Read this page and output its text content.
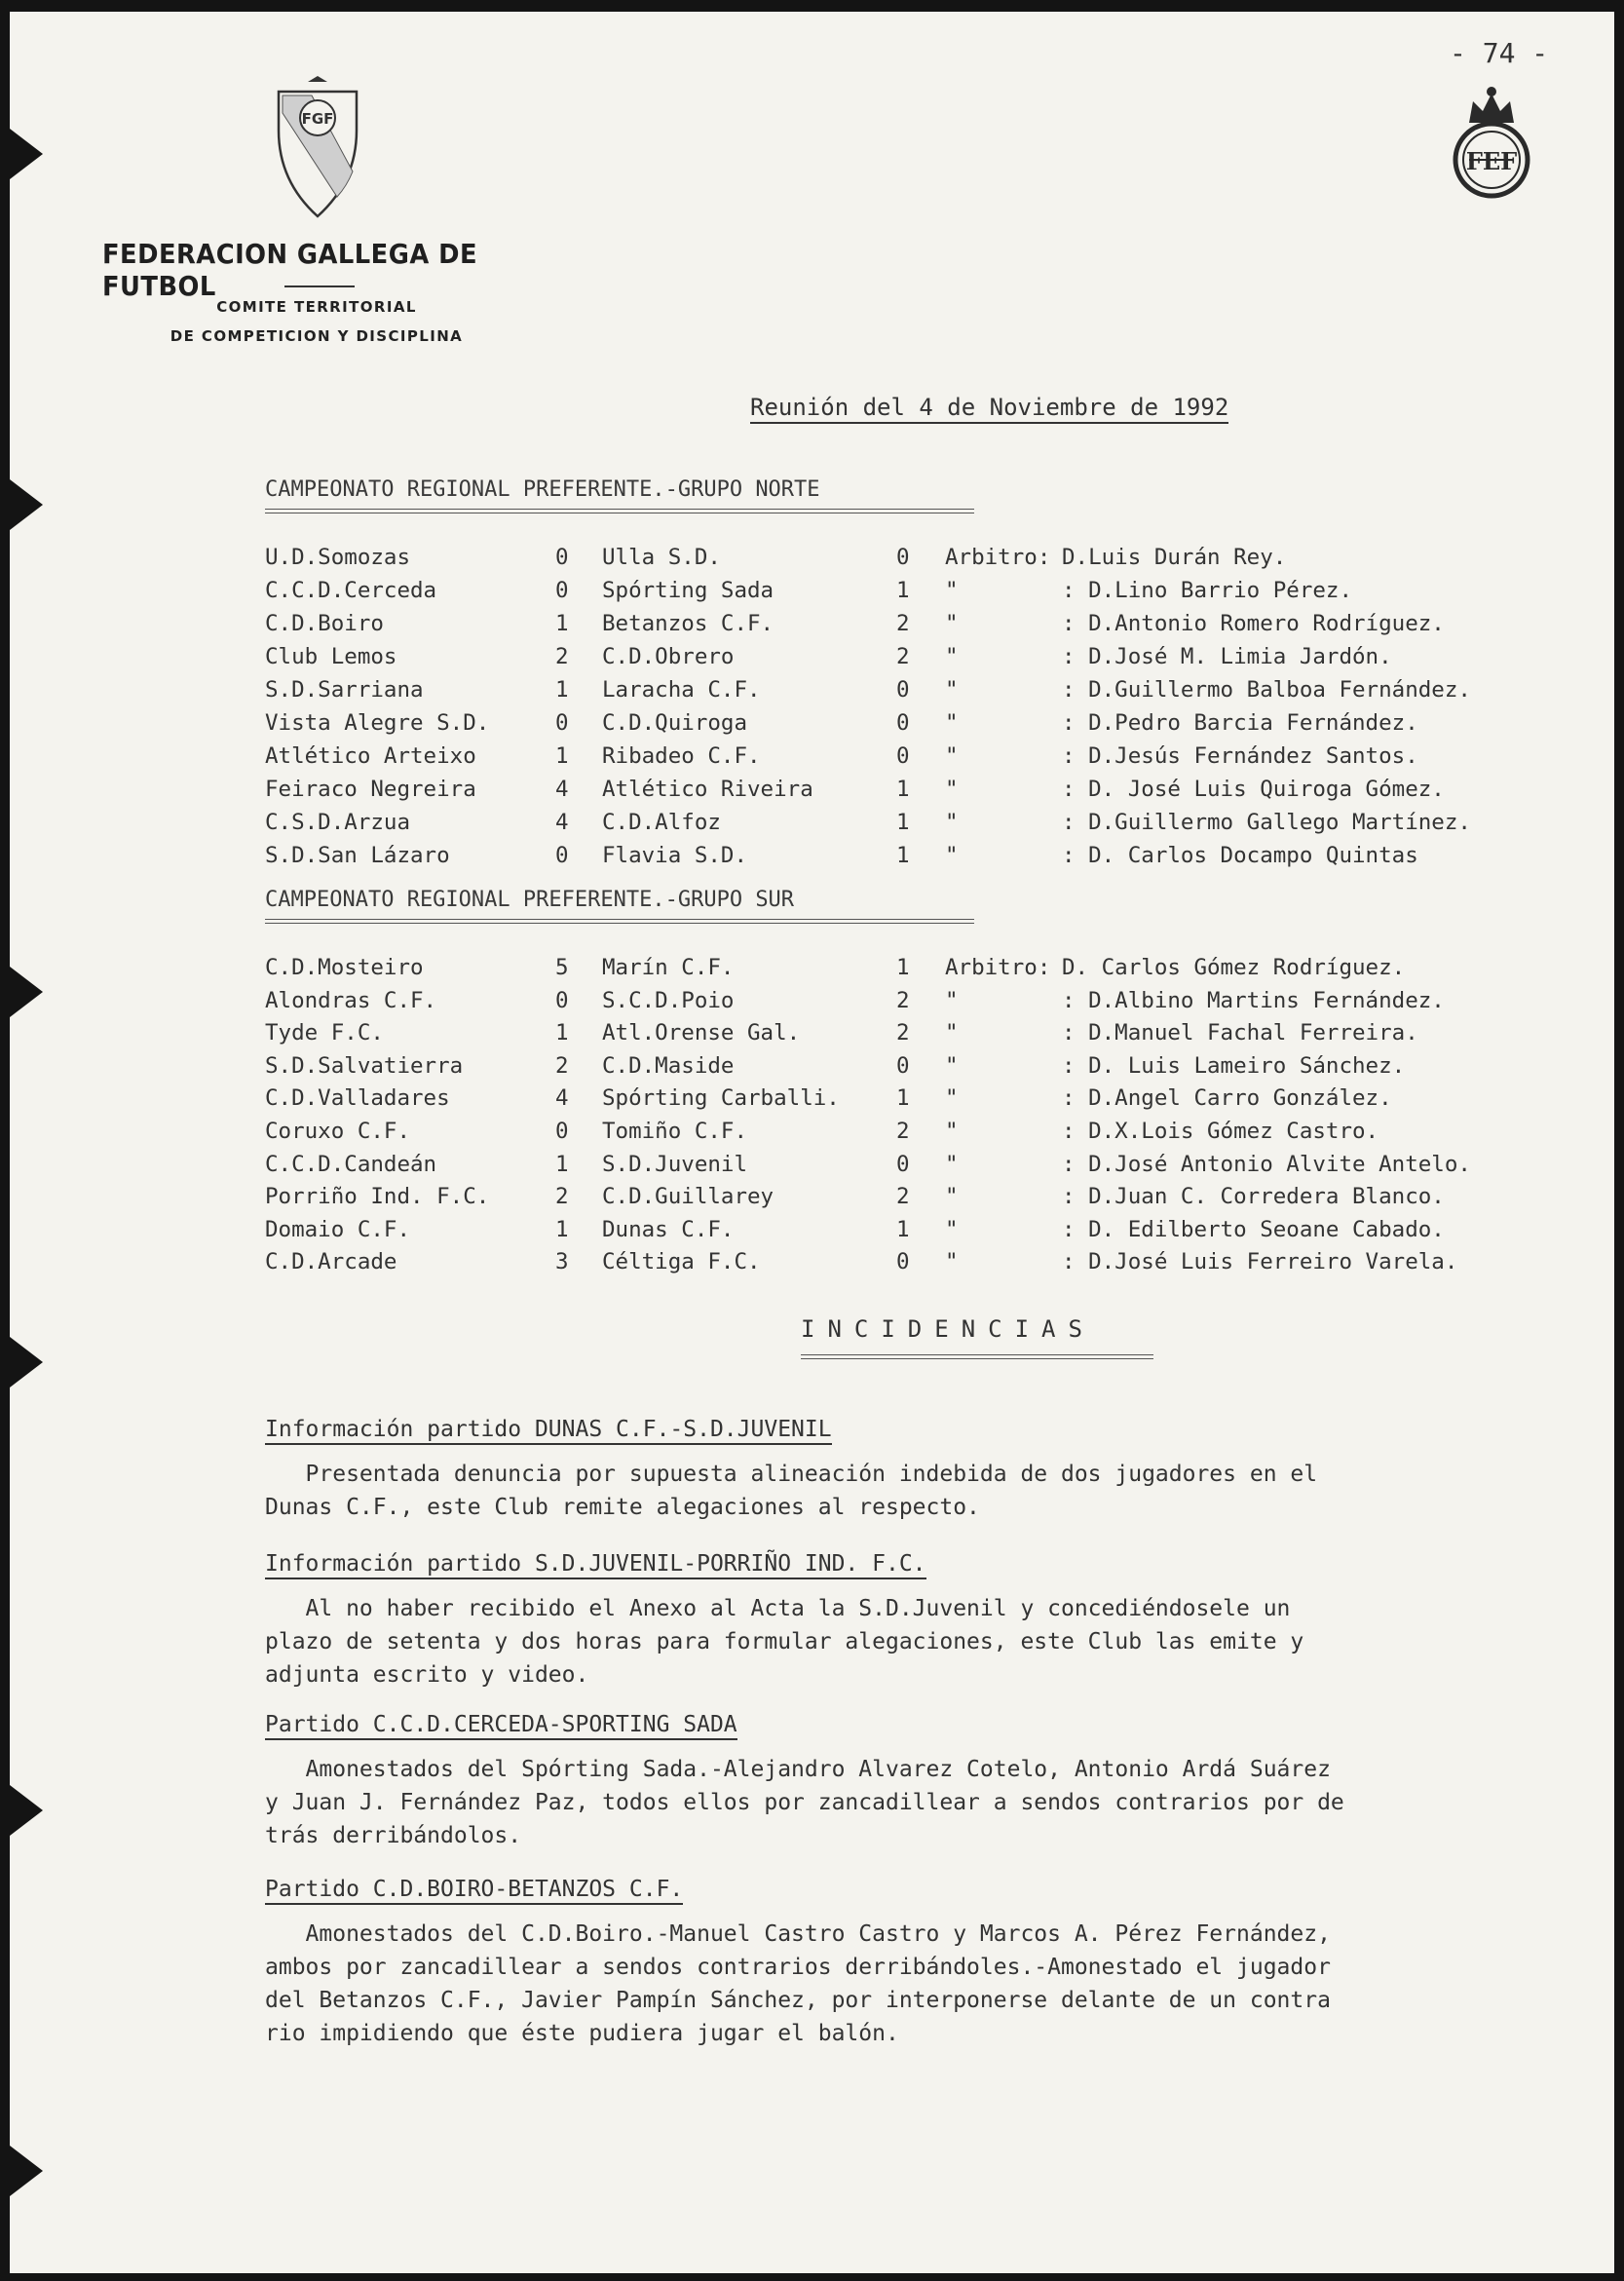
- 74 -
FGF
FEF
FEDERACION GALLEGA DE FUTBOL
COMITE TERRITORIAL
DE COMPETICION Y DISCIPLINA
Reunión del 4 de Noviembre de 1992
CAMPEONATO REGIONAL PREFERENTE.-GRUPO NORTE
U.D.Somozas	0 Ulla S.D.	0 Arbitro: D.Luis Durán Rey.
C.C.D.Cerceda	0 Spórting Sada	1 "	: D.Lino Barrio Pérez.
C.D.Boiro	1 Betanzos C.F.	2 "	: D.Antonio Romero Rodríguez.
Club Lemos	2 C.D.Obrero	2 "	: D.José M. Limia Jardón.
S.D.Sarriana	1 Laracha C.F.	0 "	: D.Guillermo Balboa Fernández.
Vista Alegre S.D.	0 C.D.Quiroga	0 "	: D.Pedro Barcia Fernández.
Atlético Arteixo	1 Ribadeo C.F.	0 "	: D.Jesús Fernández Santos.
Feiraco Negreira	4 Atlético Riveira	1 "	: D. José Luis Quiroga Gómez.
C.S.D.Arzua	4 C.D.Alfoz	1 "	: D.Guillermo Gallego Martínez.
S.D.San Lázaro	0 Flavia S.D.	1 "	: D. Carlos Docampo Quintas
CAMPEONATO REGIONAL PREFERENTE.-GRUPO SUR
C.D.Mosteiro	5 Marín C.F.	1 Arbitro: D. Carlos Gómez Rodríguez.
Alondras C.F.	0 S.C.D.Poio	2 "	: D.Albino Martins Fernández.
Tyde F.C.	1 Atl.Orense Gal.	2 "	: D.Manuel Fachal Ferreira.
S.D.Salvatierra	2 C.D.Maside	0 "	: D. Luis Lameiro Sánchez.
C.D.Valladares	4 Spórting Carballi.	1 "	: D.Angel Carro González.
Coruxo C.F.	0 Tomiño C.F.	2 "	: D.X.Lois Gómez Castro.
C.C.D.Candeán	1 S.D.Juvenil	0 "	: D.José Antonio Alvite Antelo.
Porriño Ind. F.C.	2 C.D.Guillarey	2 "	: D.Juan C. Corredera Blanco.
Domaio C.F.	1 Dunas C.F.	1 "	: D. Edilberto Seoane Cabado.
C.D.Arcade	3 Céltiga F.C.	0 "	: D.José Luis Ferreiro Varela.
INCIDENCIAS
Información partido DUNAS C.F.-S.D.JUVENIL
Presentada denuncia por supuesta alineación indebida de dos jugadores en el
Dunas C.F., este Club remite alegaciones al respecto.
Información partido S.D.JUVENIL-PORRIÑO IND. F.C.
Al no haber recibido el Anexo al Acta la S.D.Juvenil y concediéndosele un
plazo de setenta y dos horas para formular alegaciones, este Club las emite y
adjunta escrito y video.
Partido C.C.D.CERCEDA-SPORTING SADA
Amonestados del Spórting Sada.-Alejandro Alvarez Cotelo, Antonio Ardá Suárez
y Juan J. Fernández Paz, todos ellos por zancadillear a sendos contrarios por de
trás derribándolos.
Partido C.D.BOIRO-BETANZOS C.F.
Amonestados del C.D.Boiro.-Manuel Castro Castro y Marcos A. Pérez Fernández,
ambos por zancadillear a sendos contrarios derribándoles.-Amonestado el jugador
del Betanzos C.F., Javier Pampín Sánchez, por interponerse delante de un contra
rio impidiendo que éste pudiera jugar el balón.
